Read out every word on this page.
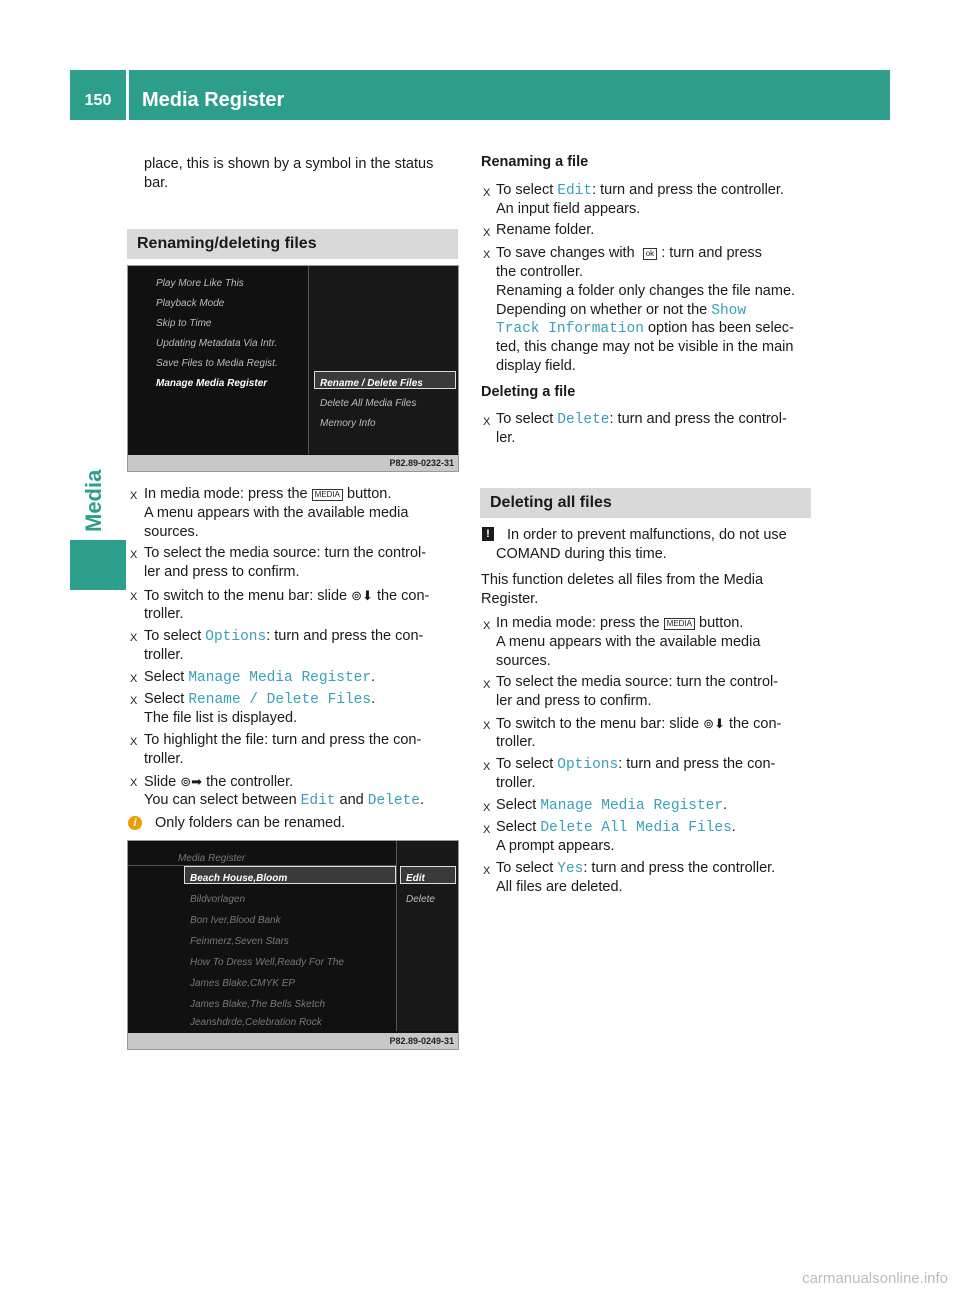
150	Media Register
Media
place, this is shown by a symbol in the status
bar.
Renaming/deleting files
Play More Like This
Playback Mode
Skip to Time
Updating Metadata Via Intr.
Save Files to Media Regist.
Manage Media Register	Rename / Delete Files
Delete All Media Files
Memory Info
P82.89-0232-31
X In media mode: press the MEDIA button.
A menu appears with the available media
sources.
X To select the media source: turn the control-
ler and press to confirm.
X To switch to the menu bar: slide ⊚⬇ the con-
troller.
X To select Options: turn and press the con-
troller.
X Select Manage Media Register.
X Select Rename / Delete Files.
The file list is displayed.
X To highlight the file: turn and press the con-
troller.
X Slide ⊚➡ the controller.
You can select between Edit and Delete.
i	Only folders can be renamed.
Media Register
Beach House,Bloom
Bildvorlagen
Bon Iver,Blood Bank
Feinmerz,Seven Stars
How To Dress Well,Ready For The
James Blake,CMYK EP
James Blake,The Bells Sketch
Jeanshdrde,Celebration Rock
Edit
Delete
P82.89-0249-31
Renaming a file
X To select Edit: turn and press the controller.
An input field appears.
X Rename folder.
X To save changes with ok : turn and press
the controller.
Renaming a folder only changes the file name.
Depending on whether or not the Show
Track Information option has been selec-
ted, this change may not be visible in the main
display field.
Deleting a file
X To select Delete: turn and press the control-
ler.
Deleting all files
! In order to prevent malfunctions, do not use
COMAND during this time.
This function deletes all files from the Media
Register.
X In media mode: press the MEDIA button.
A menu appears with the available media
sources.
X To select the media source: turn the control-
ler and press to confirm.
X To switch to the menu bar: slide ⊚⬇ the con-
troller.
X To select Options: turn and press the con-
troller.
X Select Manage Media Register.
X Select Delete All Media Files.
A prompt appears.
X To select Yes: turn and press the controller.
All files are deleted.
carmanualsonline.info
